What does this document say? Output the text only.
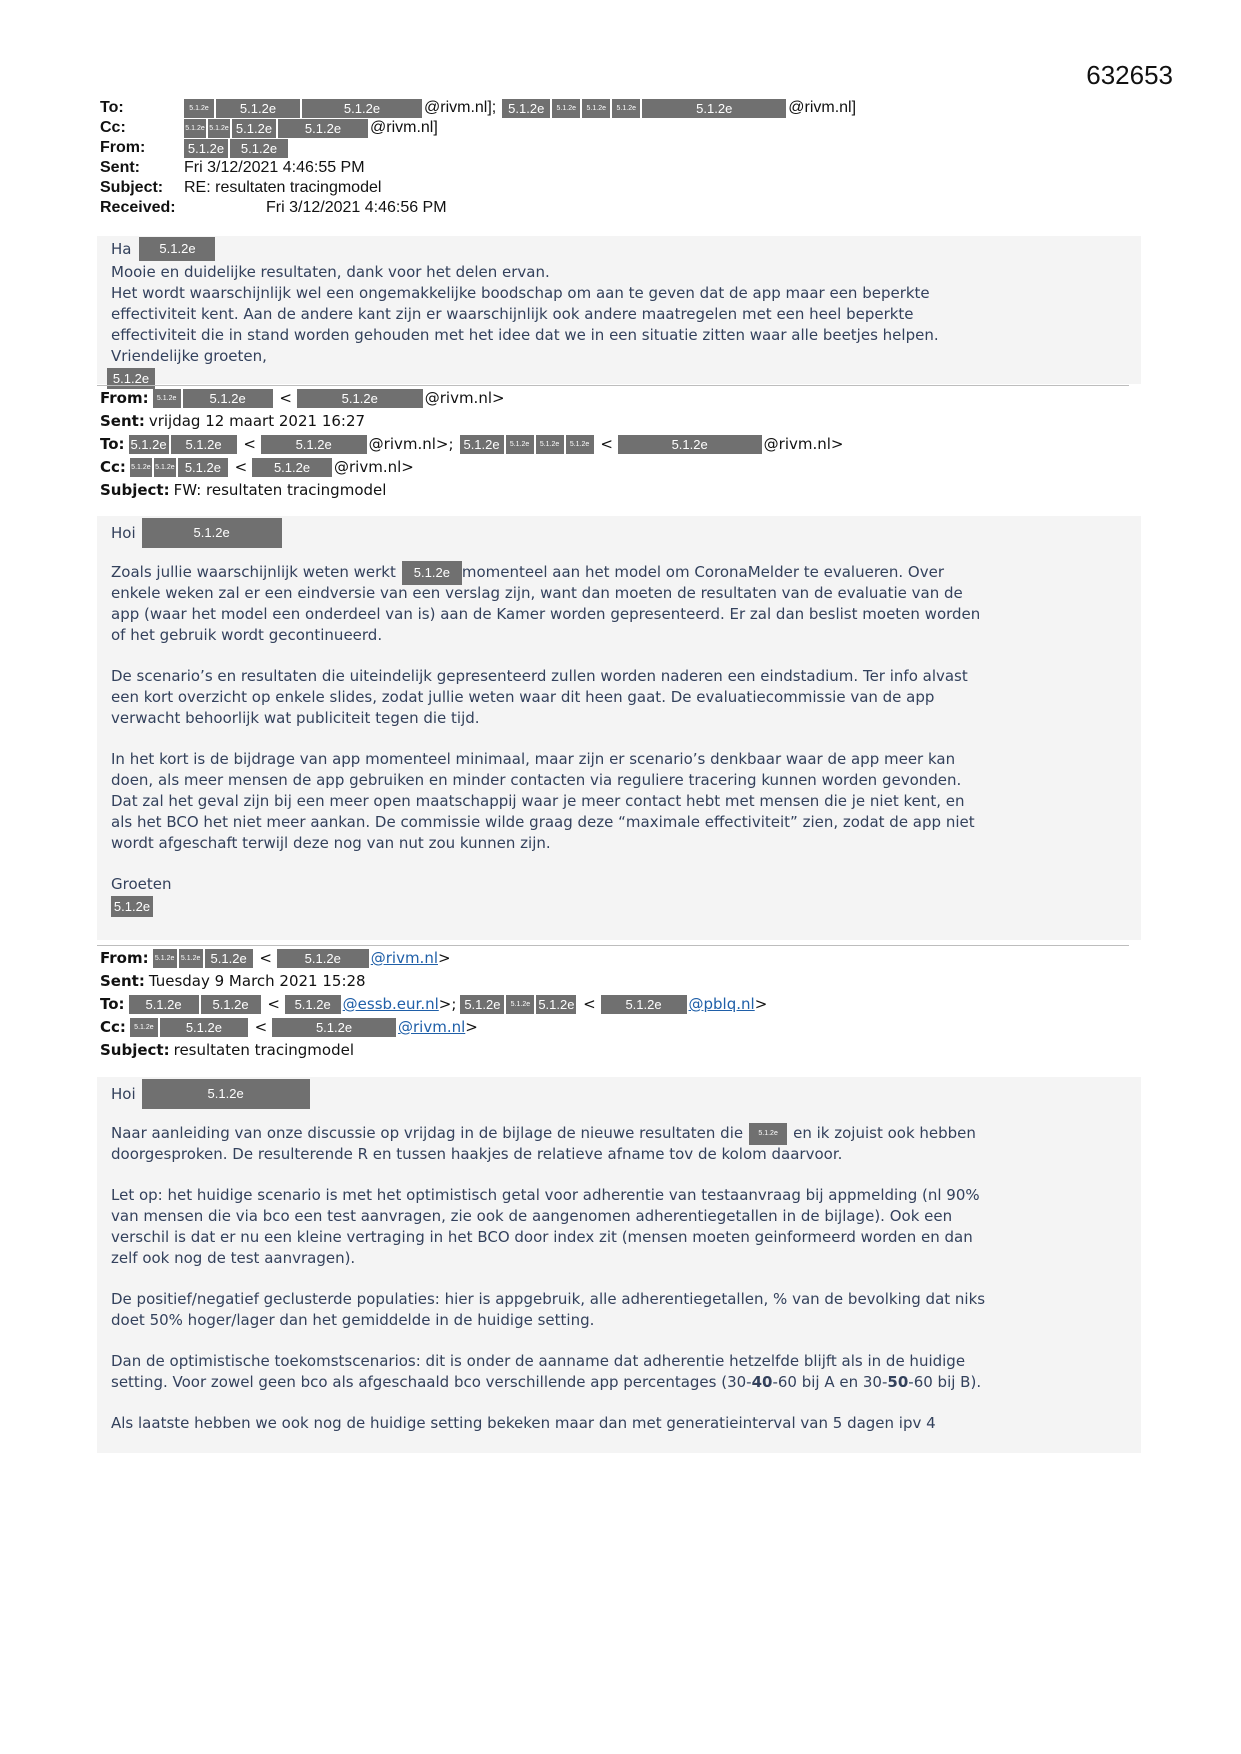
632653
To:	5.1.2e	5.1.2e	5.1.2e	@rivm.nl]; 5.1.2e	5.1.2e	5.1.2e	5.1.2e	5.1.2e	@rivm.nl]
Cc:	5.1.2e 5.1.2e 5.1.2e	5.1.2e	@rivm.nl]
From:	5.1.2e	5.1.2e
Sent:	Fri 3/12/2021 4:46:55 PM
Subject:	RE: resultaten tracingmodel
Received:	Fri 3/12/2021 4:46:56 PM
Ha	5.1.2e
Mooie en duidelijke resultaten, dank voor het delen ervan.
Het wordt waarschijnlijk wel een ongemakkelijke boodschap om aan te geven dat de app maar een beperkte
effectiviteit kent. Aan de andere kant zijn er waarschijnlijk ook andere maatregelen met een heel beperkte
effectiviteit die in stand worden gehouden met het idee dat we in een situatie zitten waar alle beetjes helpen.
Vriendelijke groeten,
5.1.2e
From:	5.1.2e	5.1.2e	<	5.1.2e	@rivm.nl>
Sent: vrijdag 12 maart 2021 16:27
To: 5.1.2e	5.1.2e	<	5.1.2e	@rivm.nl>; 5.1.2e	5.1.2e	5.1.2e	5.1.2e <	5.1.2e	@rivm.nl>
Cc: 5.1.2e 5.1.2e 5.1.2e <	5.1.2e	@rivm.nl>
Subject: FW: resultaten tracingmodel
Hoi	5.1.2e
Zoals jullie waarschijnlijk weten werkt	5.1.2e momenteel aan het model om CoronaMelder te evalueren. Over
enkele weken zal er een eindversie van een verslag zijn, want dan moeten de resultaten van de evaluatie van de
app (waar het model een onderdeel van is) aan de Kamer worden gepresenteerd. Er zal dan beslist moeten worden
of het gebruik wordt gecontinueerd.
De scenario’s en resultaten die uiteindelijk gepresenteerd zullen worden naderen een eindstadium. Ter info alvast
een kort overzicht op enkele slides, zodat jullie weten waar dit heen gaat. De evaluatiecommissie van de app
verwacht behoorlijk wat publiciteit tegen die tijd.
In het kort is de bijdrage van app momenteel minimaal, maar zijn er scenario’s denkbaar waar de app meer kan
doen, als meer mensen de app gebruiken en minder contacten via reguliere tracering kunnen worden gevonden.
Dat zal het geval zijn bij een meer open maatschappij waar je meer contact hebt met mensen die je niet kent, en
als het BCO het niet meer aankan. De commissie wilde graag deze “maximale effectiviteit” zien, zodat de app niet
wordt afgeschaft terwijl deze nog van nut zou kunnen zijn.
Groeten
5.1.2e
From: 5.1.2e 5.1.2e 5.1.2e <	5.1.2e	@rivm.nl >
Sent: Tuesday 9 March 2021 15:28
To:	5.1.2e	5.1.2e < 5.1.2e @essb.eur.nl >; 5.1.2e	5.1.2e 5.1.2e <	5.1.2e	@pblq.nl >
Cc:	5.1.2e	5.1.2e	<	5.1.2e	@rivm.nl >
Subject: resultaten tracingmodel
Hoi	5.1.2e
Naar aanleiding van onze discussie op vrijdag in de bijlage de nieuwe resultaten die	5.1.2e	en ik zojuist ook hebben
doorgesproken. De resulterende R en tussen haakjes de relatieve afname tov de kolom daarvoor.
Let op: het huidige scenario is met het optimistisch getal voor adherentie van testaanvraag bij appmelding (nl 90%
van mensen die via bco een test aanvragen, zie ook de aangenomen adherentiegetallen in de bijlage). Ook een
verschil is dat er nu een kleine vertraging in het BCO door index zit (mensen moeten geinformeerd worden en dan
zelf ook nog de test aanvragen).
De positief/negatief geclusterde populaties: hier is appgebruik, alle adherentiegetallen, % van de bevolking dat niks
doet 50% hoger/lager dan het gemiddelde in de huidige setting.
Dan de optimistische toekomstscenarios: dit is onder de aanname dat adherentie hetzelfde blijft als in de huidige
setting. Voor zowel geen bco als afgeschaald bco verschillende app percentages (30-40-60 bij A en 30-50-60 bij B).
Als laatste hebben we ook nog de huidige setting bekeken maar dan met generatieinterval van 5 dagen ipv 4
